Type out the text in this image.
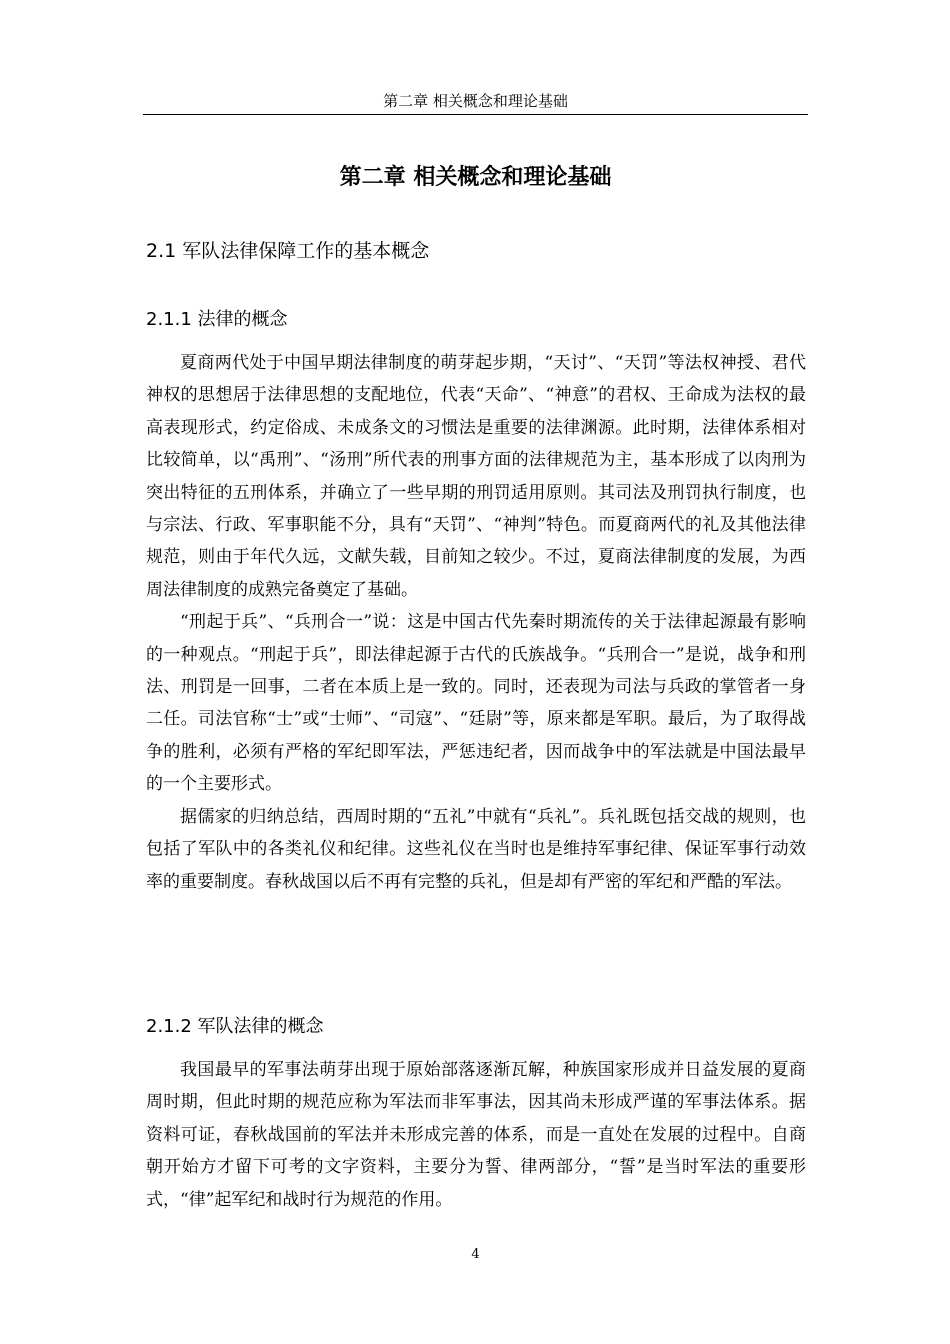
第二章 相关概念和理论基础
第二章 相关概念和理论基础
2.1 军队法律保障工作的基本概念
2.1.1 法律的概念

夏商两代处于中国早期法律制度的萌芽起步期，“天讨”、“天罚”等法权神授、君代神权的思想居于法律思想的支配地位，代表“天命”、“神意”的君权、王命成为法权的最高表现形式，约定俗成、未成条文的习惯法是重要的法律渊源。此时期，法律体系相对比较简单，以“禹刑”、“汤刑”所代表的刑事方面的法律规范为主，基本形成了以肉刑为突出特征的五刑体系，并确立了一些早期的刑罚适用原则。其司法及刑罚执行制度，也与宗法、行政、军事职能不分，具有“天罚”、“神判”特色。而夏商两代的礼及其他法律规范，则由于年代久远，文献失载，目前知之较少。不过，夏商法律制度的发展，为西周法律制度的成熟完备奠定了基础。

“刑起于兵”、“兵刑合一”说：这是中国古代先秦时期流传的关于法律起源最有影响的一种观点。“刑起于兵”，即法律起源于古代的氏族战争。“兵刑合一”是说，战争和刑法、刑罚是一回事，二者在本质上是一致的。同时，还表现为司法与兵政的掌管者一身二任。司法官称“士”或“士师”、“司寇”、“廷尉”等，原来都是军职。最后，为了取得战争的胜利，必须有严格的军纪即军法，严惩违纪者，因而战争中的军法就是中国法最早的一个主要形式。

据儒家的归纳总结，西周时期的“五礼”中就有“兵礼”。兵礼既包括交战的规则，也包括了军队中的各类礼仪和纪律。这些礼仪在当时也是维持军事纪律、保证军事行动效率的重要制度。春秋战国以后不再有完整的兵礼，但是却有严密的军纪和严酷的军法。

2.1.2 军队法律的概念

我国最早的军事法萌芽出现于原始部落逐渐瓦解，种族国家形成并日益发展的夏商周时期，但此时期的规范应称为军法而非军事法，因其尚未形成严谨的军事法体系。据资料可证，春秋战国前的军法并未形成完善的体系，而是一直处在发展的过程中。自商朝开始方才留下可考的文字资料，主要分为誓、律两部分，“誓”是当时军法的重要形式，“律”起军纪和战时行为规范的作用。

4
